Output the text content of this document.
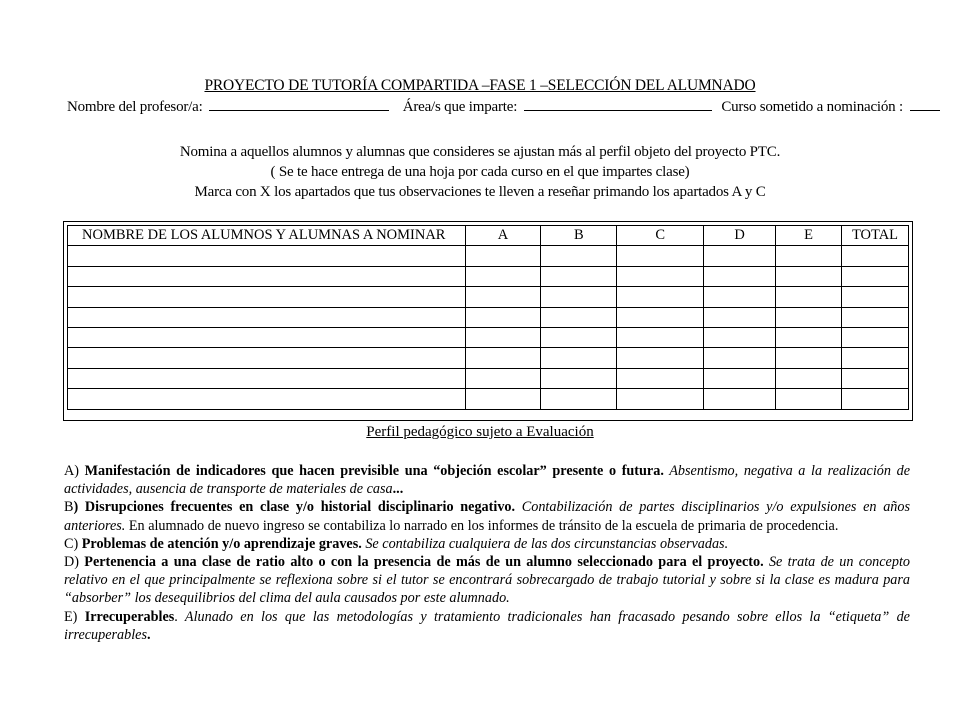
PROYECTO DE TUTORÍA COMPARTIDA –FASE 1 –SELECCIÓN DEL ALUMNADO
Nombre del profesor/a:	Área/s que imparte:	Curso sometido a nominación :
Nomina a aquellos alumnos y alumnas que consideres se ajustan más al perfil objeto del proyecto PTC.
( Se te hace entrega de una hoja por cada curso en el que impartes clase)
Marca con X los apartados que tus observaciones te lleven a reseñar primando los apartados A y C
NOMBRE DE LOS ALUMNOS Y ALUMNAS A NOMINAR	A	B	C	D	E	TOTAL

Perfil pedagógico sujeto a Evaluación

A) Manifestación de indicadores que hacen previsible una “objeción escolar” presente o futura. Absentismo, negativa a la realización de actividades, ausencia de transporte de materiales de casa...

B) Disrupciones frecuentes en clase y/o historial disciplinario negativo. Contabilización de partes disciplinarios y/o expulsiones en años anteriores. En alumnado de nuevo ingreso se contabiliza lo narrado en los informes de tránsito de la escuela de primaria de procedencia.

C) Problemas de atención y/o aprendizaje graves. Se contabiliza cualquiera de las dos circunstancias observadas.

D) Pertenencia a una clase de ratio alto o con la presencia de más de un alumno seleccionado para el proyecto. Se trata de un concepto relativo en el que principalmente se reflexiona sobre si el tutor se encontrará sobrecargado de trabajo tutorial y sobre si la clase es madura para “absorber” los desequilibrios del clima del aula causados por este alumnado.

E) Irrecuperables. Alunado en los que las metodologías y tratamiento tradicionales han fracasado pesando sobre ellos la “etiqueta” de irrecuperables.
